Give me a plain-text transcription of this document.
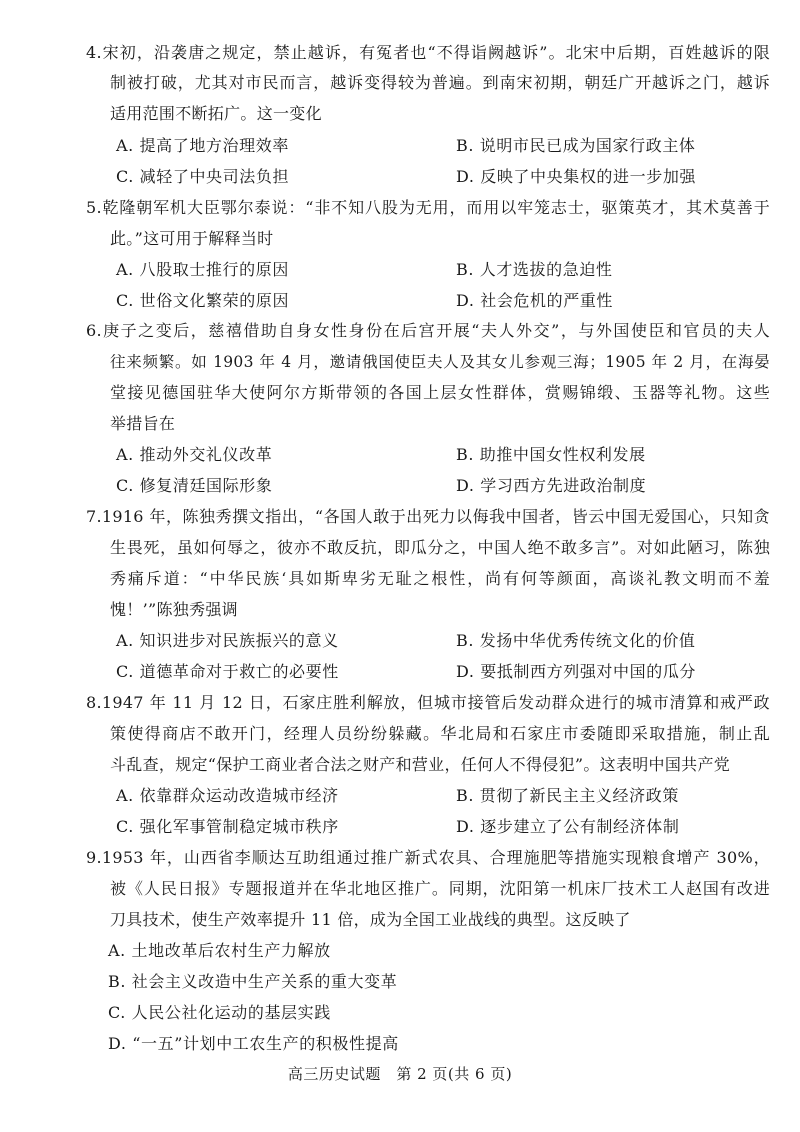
4.宋初，沿袭唐之规定，禁止越诉，有冤者也“不得诣阙越诉”。北宋中后期，百姓越诉的限
制被打破，尤其对市民而言，越诉变得较为普遍。到南宋初期，朝廷广开越诉之门，越诉
适用范围不断拓广。这一变化
A. 提高了地方治理效率	B. 说明市民已成为国家行政主体
C. 减轻了中央司法负担	D. 反映了中央集权的进一步加强
5.乾隆朝军机大臣鄂尔泰说：“非不知八股为无用，而用以牢笼志士，驱策英才，其术莫善于
此。”这可用于解释当时
A. 八股取士推行的原因	B. 人才选拔的急迫性
C. 世俗文化繁荣的原因	D. 社会危机的严重性
6.庚子之变后，慈禧借助自身女性身份在后宫开展“夫人外交”，与外国使臣和官员的夫人
往来频繁。如 1903 年 4 月，邀请俄国使臣夫人及其女儿参观三海；1905 年 2 月，在海晏
堂接见德国驻华大使阿尔方斯带领的各国上层女性群体，赏赐锦缎、玉器等礼物。这些
举措旨在
A. 推动外交礼仪改革	B. 助推中国女性权利发展
C. 修复清廷国际形象	D. 学习西方先进政治制度
7.1916 年，陈独秀撰文指出，“各国人敢于出死力以侮我中国者，皆云中国无爱国心，只知贪
生畏死，虽如何辱之，彼亦不敢反抗，即瓜分之，中国人绝不敢多言”。对如此陋习，陈独
秀痛斥道：“中华民族‘具如斯卑劣无耻之根性，尚有何等颜面，高谈礼教文明而不羞
愧！’”陈独秀强调
A. 知识进步对民族振兴的意义	B. 发扬中华优秀传统文化的价值
C. 道德革命对于救亡的必要性	D. 要抵制西方列强对中国的瓜分
8.1947 年 11 月 12 日，石家庄胜利解放，但城市接管后发动群众进行的城市清算和戒严政
策使得商店不敢开门，经理人员纷纷躲藏。华北局和石家庄市委随即采取措施，制止乱
斗乱查，规定“保护工商业者合法之财产和营业，任何人不得侵犯”。这表明中国共产党
A. 依靠群众运动改造城市经济	B. 贯彻了新民主主义经济政策
C. 强化军事管制稳定城市秩序	D. 逐步建立了公有制经济体制
9.1953 年，山西省李顺达互助组通过推广新式农具、合理施肥等措施实现粮食增产 30%，
被《人民日报》专题报道并在华北地区推广。同期，沈阳第一机床厂技术工人赵国有改进
刀具技术，使生产效率提升 11 倍，成为全国工业战线的典型。这反映了
A. 土地改革后农村生产力解放
B. 社会主义改造中生产关系的重大变革
C. 人民公社化运动的基层实践
D. “一五”计划中工农生产的积极性提高
高三历史试题　第 2 页(共 6 页)
